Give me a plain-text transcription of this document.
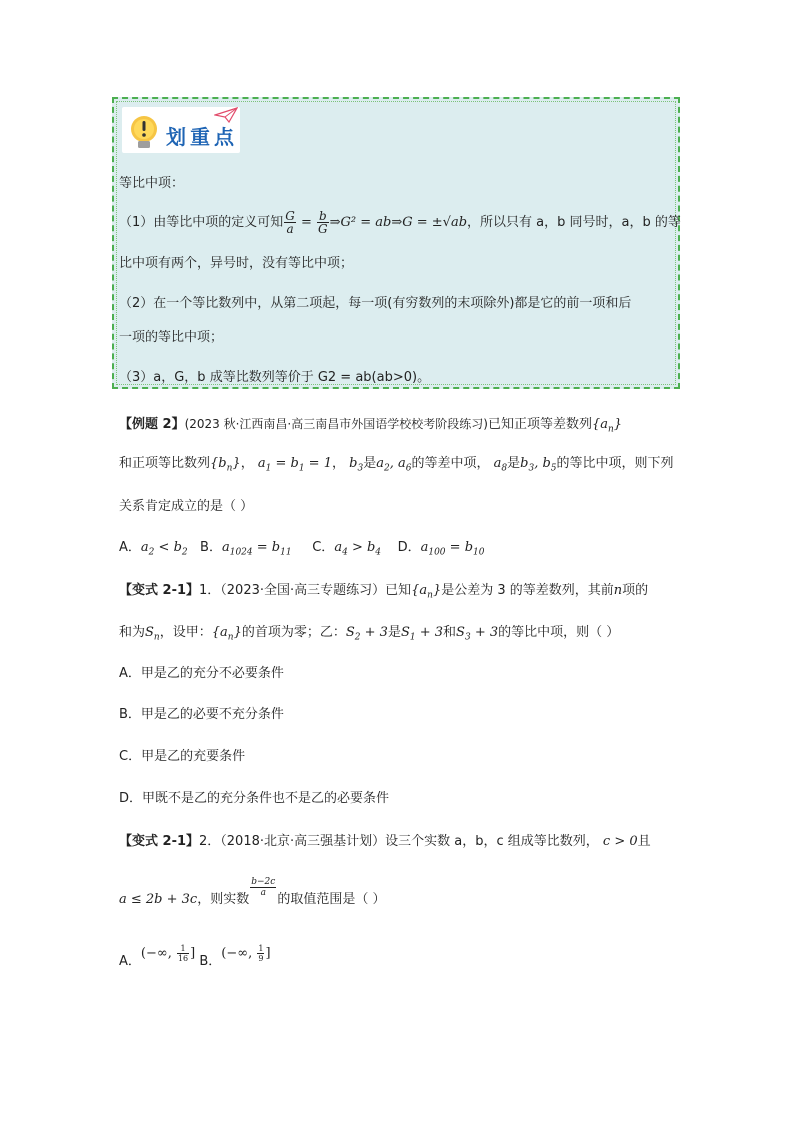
划重点
等比中项：
（1）由等比中项的定义可知 $\frac{G}{a} = \frac{b}{G}$ ⇒G² = ab⇒G = ±√ab，所以只有 a，b 同号时，a，b 的等
比中项有两个，异号时，没有等比中项；
（2）在一个等比数列中，从第二项起，每一项(有穷数列的末项除外)都是它的前一项和后
一项的等比中项；
（3）a，G，b 成等比数列等价于 G2 = ab(ab>0)。
【例题 2】(2023 秋·江西南昌·高三南昌市外国语学校校考阶段练习)已知正项等差数列$\{a_n\}$
和正项等比数列$\{b_n\}$， $a_1 = b_1 = 1$， $b_3$是$a_2$, $a_6$的等差中项， $a_8$是$b_3$, $b_5$的等比中项，则下列
关系肯定成立的是（ ）
A．$a_2 < b_2$ B．$a_{1024} = b_{11}$ C．$a_4 > b_4$ D．$a_{100} = b_{10}$
【变式 2-1】1．（2023·全国·高三专题练习）已知$\{a_n\}$是公差为 3 的等差数列，其前n项的
和为$S_n$，设甲：$\{a_n\}$的首项为零；乙：$S_2 + 3$是$S_1 + 3$和$S_3 + 3$的等比中项，则（ ）
A．甲是乙的充分不必要条件
B．甲是乙的必要不充分条件
C．甲是乙的充要条件
D．甲既不是乙的充分条件也不是乙的必要条件
【变式 2-1】2．（2018·北京·高三强基计划）设三个实数 a，b，c 组成等比数列， c > 0且
a ≤ 2b + 3c，则实数
$\frac{b-2c}{a}$
的取值范围是（ ）
A．(−∞, $\frac{1}{16}$ ] B．(−∞, $\frac{1}{9}$ ]
